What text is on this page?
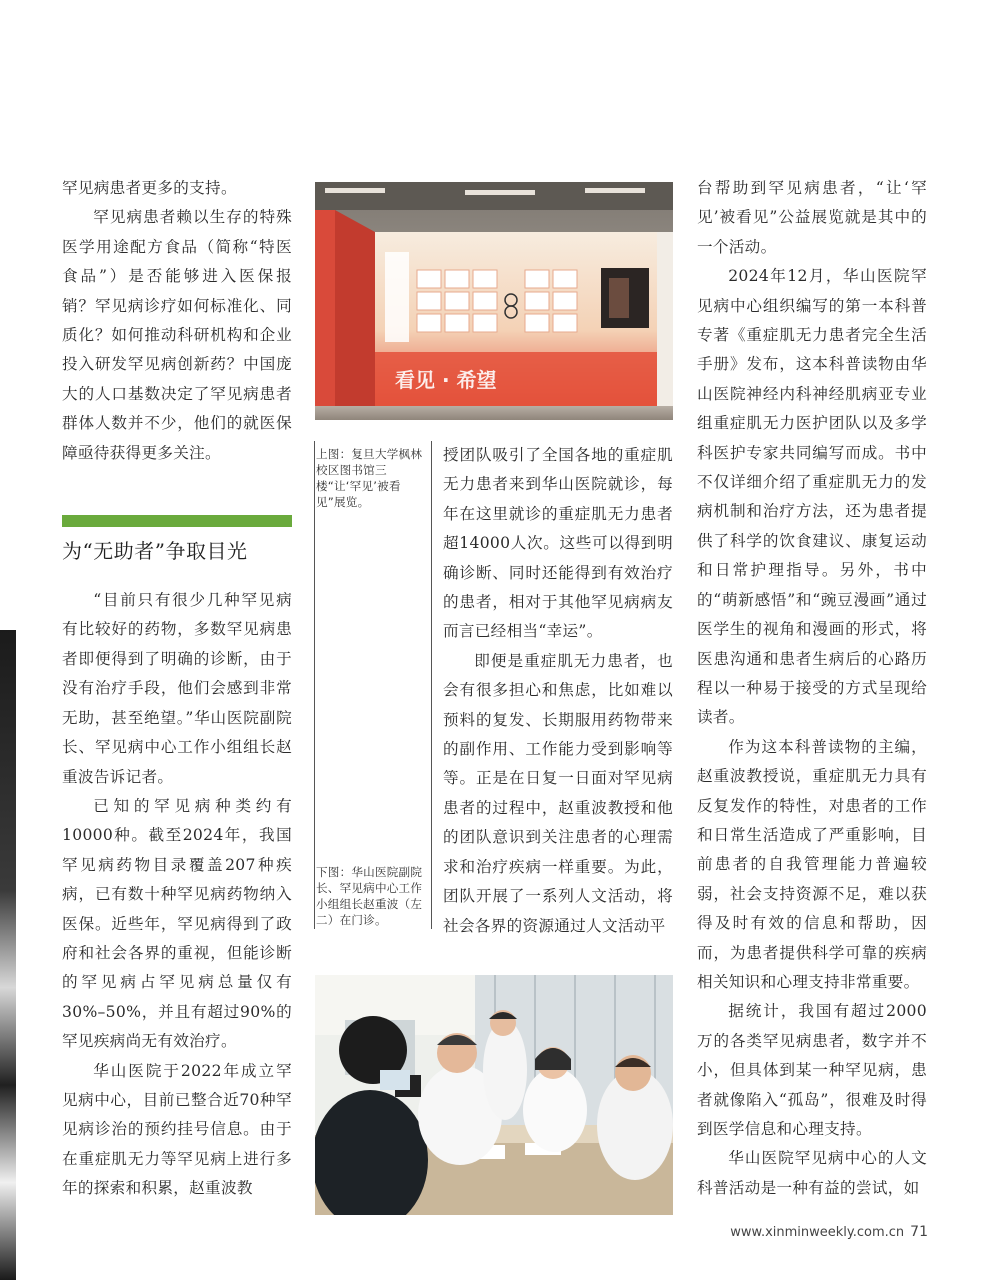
罕见病患者更多的支持。

罕见病患者赖以生存的特殊医学用途配方食品（简称“特医食品”）是否能够进入医保报销？罕见病诊疗如何标准化、同质化？如何推动科研机构和企业投入研发罕见病创新药？中国庞大的人口基数决定了罕见病患者群体人数并不少，他们的就医保障亟待获得更多关注。

“目前只有很少几种罕见病有比较好的药物，多数罕见病患者即便得到了明确的诊断，由于没有治疗手段，他们会感到非常无助，甚至绝望。”华山医院副院长、罕见病中心工作小组组长赵重波告诉记者。

已知的罕见病种类约有10000种。截至2024年，我国罕见病药物目录覆盖207种疾病，已有数十种罕见病药物纳入医保。近些年，罕见病得到了政府和社会各界的重视，但能诊断的罕见病占罕见病总量仅有30%–50%，并且有超过90%的罕见疾病尚无有效治疗。

华山医院于2022年成立罕见病中心，目前已整合近70种罕见病诊治的预约挂号信息。由于在重症肌无力等罕见病上进行多年的探索和积累，赵重波教

为“无助者”争取目光
看见 · 希望
上图：复旦大学枫林校区图书馆三楼“让‘罕见’被看见”展览。
下图：华山医院副院长、罕见病中心工作小组组长赵重波（左二）在门诊。

授团队吸引了全国各地的重症肌无力患者来到华山医院就诊，每年在这里就诊的重症肌无力患者超14000人次。这些可以得到明确诊断、同时还能得到有效治疗的患者，相对于其他罕见病病友而言已经相当“幸运”。

即便是重症肌无力患者，也会有很多担心和焦虑，比如难以预料的复发、长期服用药物带来的副作用、工作能力受到影响等等。正是在日复一日面对罕见病患者的过程中，赵重波教授和他的团队意识到关注患者的心理需求和治疗疾病一样重要。为此，团队开展了一系列人文活动，将社会各界的资源通过人文活动平

台帮助到罕见病患者，“让‘罕见’被看见”公益展览就是其中的一个活动。

2024年12月，华山医院罕见病中心组织编写的第一本科普专著《重症肌无力患者完全生活手册》发布，这本科普读物由华山医院神经内科神经肌病亚专业组重症肌无力医护团队以及多学科医护专家共同编写而成。书中不仅详细介绍了重症肌无力的发病机制和治疗方法，还为患者提供了科学的饮食建议、康复运动和日常护理指导。另外，书中的“萌新感悟”和“豌豆漫画”通过医学生的视角和漫画的形式，将医患沟通和患者生病后的心路历程以一种易于接受的方式呈现给读者。

作为这本科普读物的主编，赵重波教授说，重症肌无力具有反复发作的特性，对患者的工作和日常生活造成了严重影响，目前患者的自我管理能力普遍较弱，社会支持资源不足，难以获得及时有效的信息和帮助，因而，为患者提供科学可靠的疾病相关知识和心理支持非常重要。

据统计，我国有超过2000万的各类罕见病患者，数字并不小，但具体到某一种罕见病，患者就像陷入“孤岛”，很难及时得到医学信息和心理支持。

华山医院罕见病中心的人文科普活动是一种有益的尝试，如

www.xinminweekly.com.cn 71
